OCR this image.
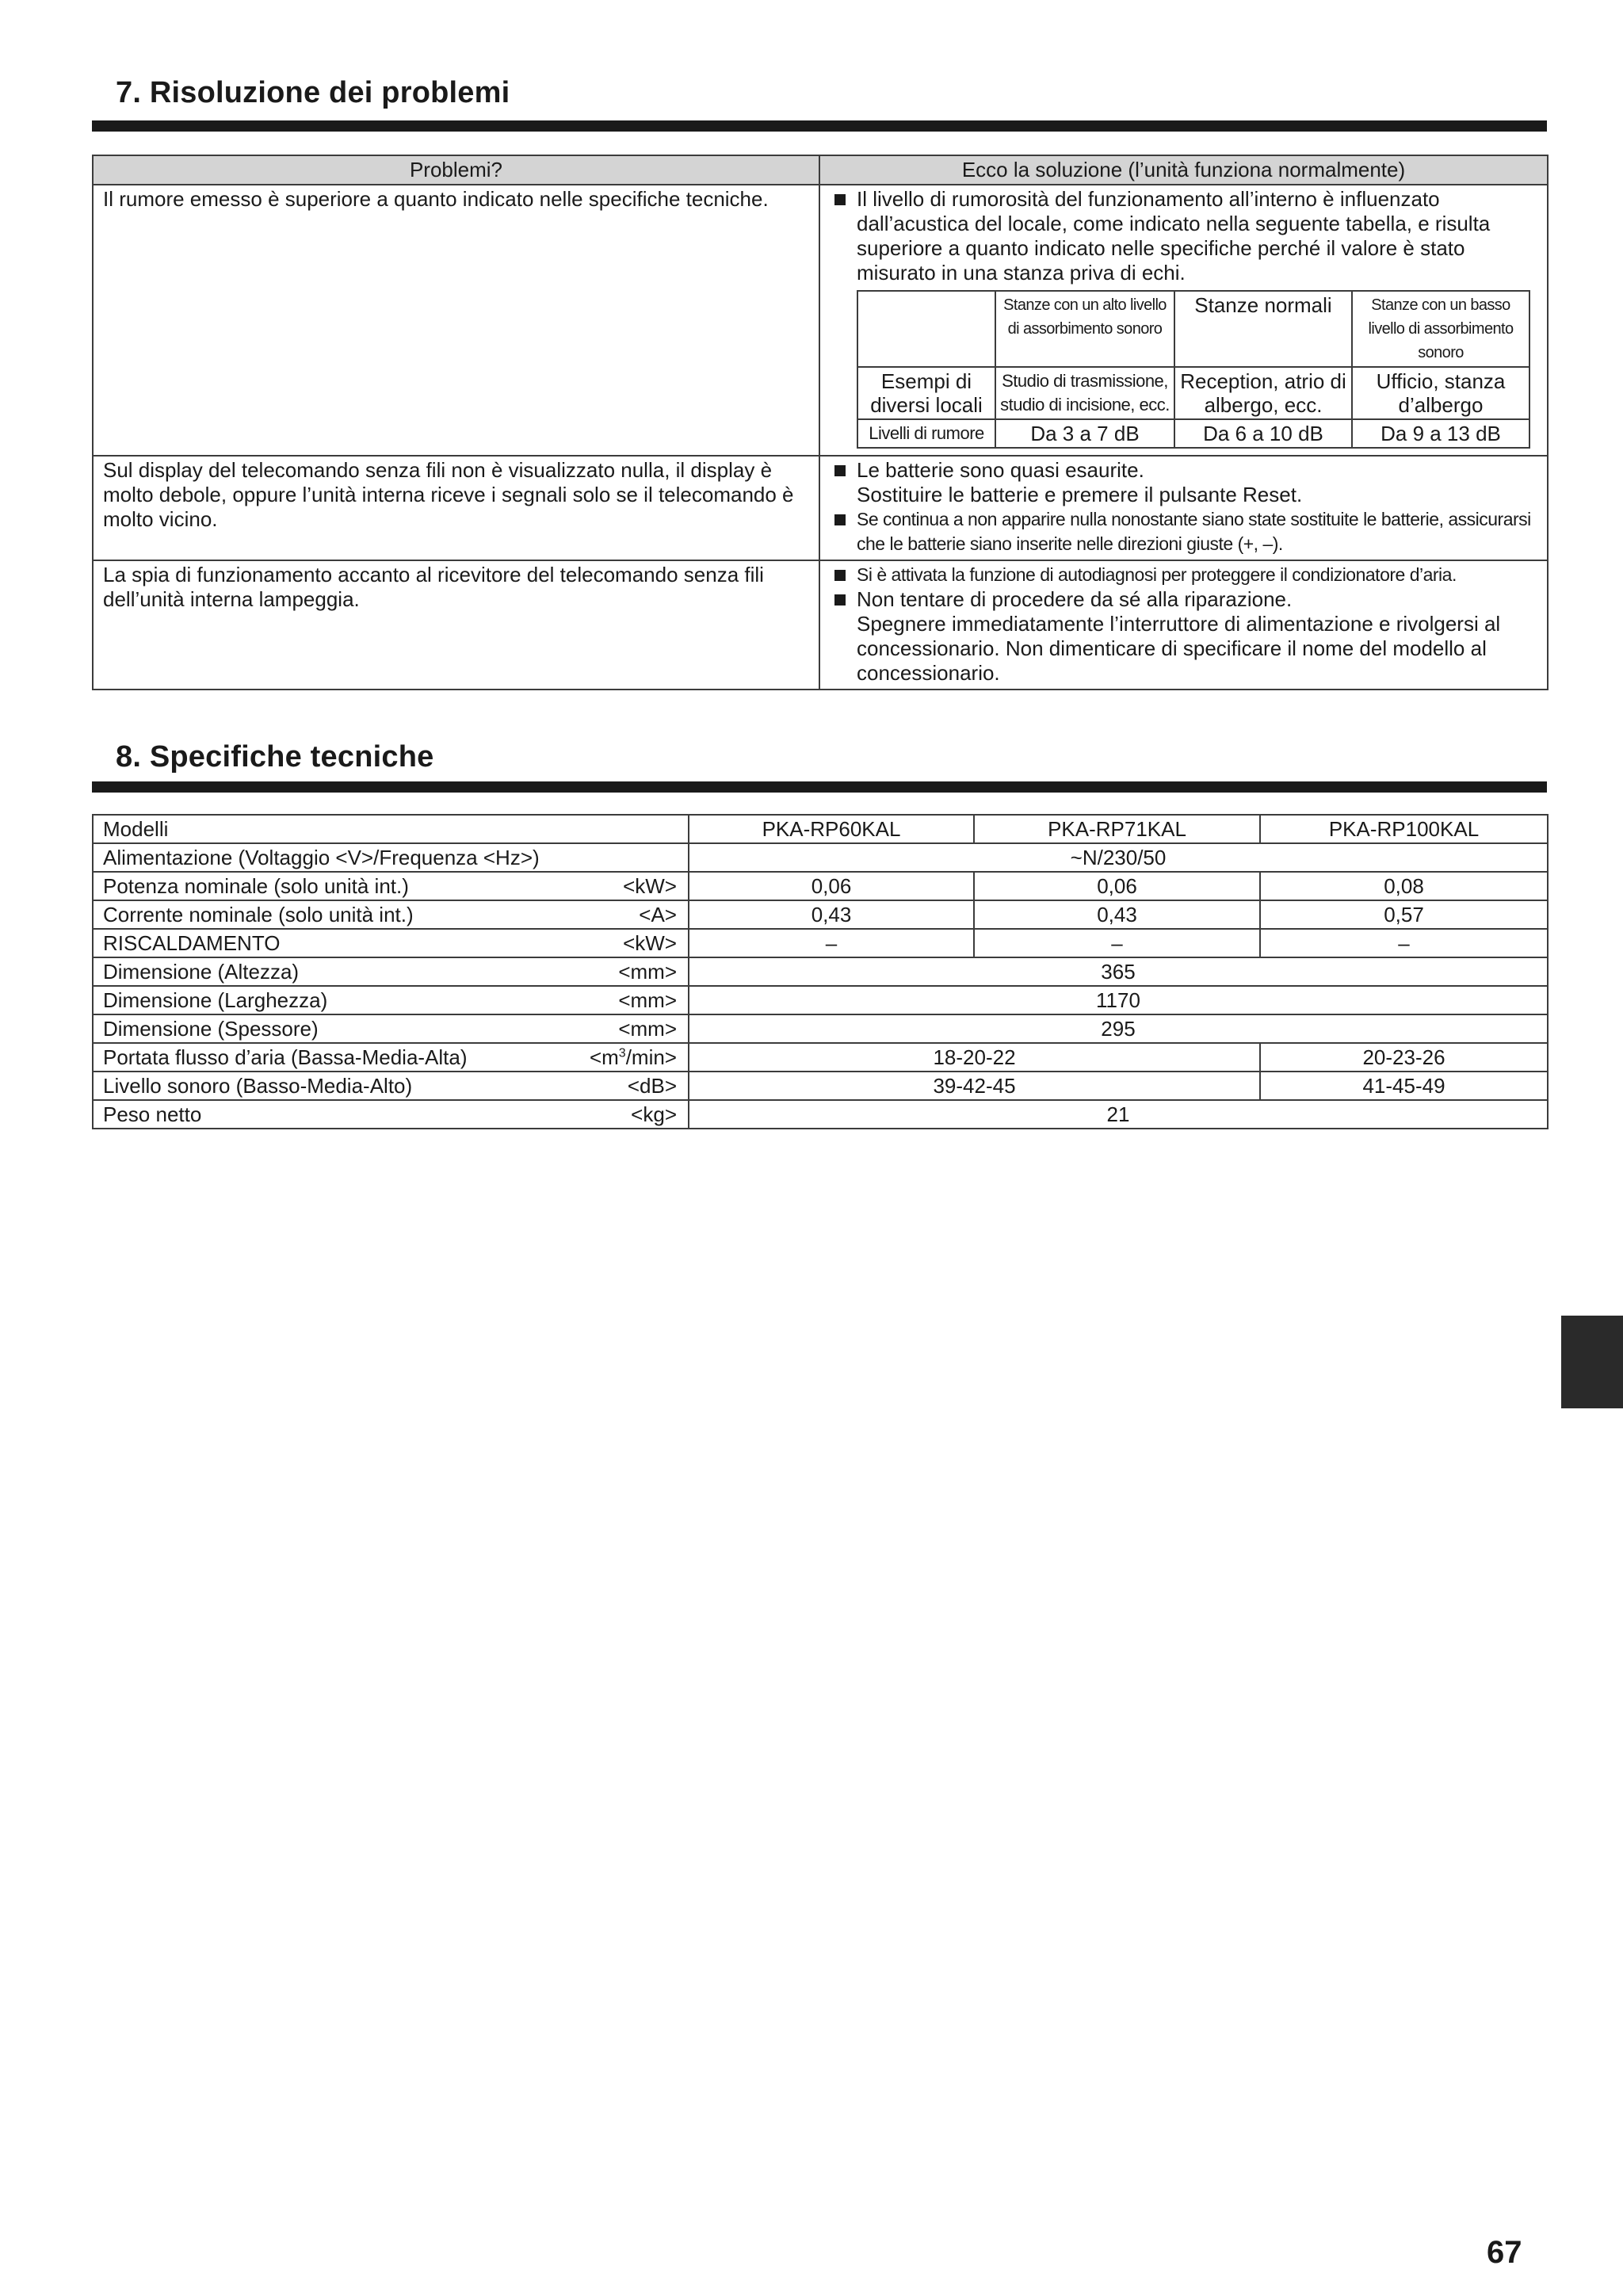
7. Risoluzione dei problemi
Problemi?	Ecco la soluzione (l’unità funziona normalmente)
Il rumore emesso è superiore a quanto indicato nelle specifiche tecniche.	Il livello di rumorosità del funzionamento all’interno è influenzato dall’acustica del locale, come indicato nella seguente tabella, e risulta superiore a quanto indicato nelle specifiche perché il valore è stato misurato in una stanza priva di echi.
	Stanze con un alto livello di assorbimento sonoro	Stanze normali	Stanze con un basso livello di assorbimento sonoro
Esempi di diversi locali	Studio di trasmissione, studio di incisione, ecc.	Reception, atrio di albergo, ecc.	Ufficio, stanza d’albergo
Livelli di rumore	Da 3 a 7 dB	Da 6 a 10 dB	Da 9 a 13 dB

Sul display del telecomando senza fili non è visualizzato nulla, il display è molto debole, oppure l’unità interna riceve i segnali solo se il telecomando è molto vicino.	
Le batterie sono quasi esaurite.
Sostituire le batterie e premere il pulsante Reset.
Se continua a non apparire nulla nonostante siano state sostituite le batterie, assicurarsi che le batterie siano inserite nelle direzioni giuste (+, –).

La spia di funzionamento accanto al ricevitore del telecomando senza fili dell’unità interna lampeggia.	
Si è attivata la funzione di autodiagnosi per proteggere il condizionatore d’aria.
Non tentare di procedere da sé alla riparazione.
Spegnere immediatamente l’interruttore di alimentazione e rivolgersi al concessionario. Non dimenticare di specificare il nome del modello al concessionario.
8. Specifiche tecniche
Modelli	PKA-RP60KAL	PKA-RP71KAL	PKA-RP100KAL
Alimentazione (Voltaggio <V>/Frequenza <Hz>)	~N/230/50		
Potenza nominale (solo unità int.) <kW>	0,06	0,06	0,08
Corrente nominale (solo unità int.) <A>	0,43	0,43	0,57
RISCALDAMENTO <kW>	–	–	–
Dimensione (Altezza) <mm>	365		
Dimensione (Larghezza) <mm>	1170		
Dimensione (Spessore) <mm>	295		
Portata flusso d’aria (Bassa-Media-Alta) $<m^3/\min>$	18-20-22		20-23-26
Livello sonoro (Basso-Media-Alto) <dB>	39-42-45		41-45-49
Peso netto <kg>	21		
67
